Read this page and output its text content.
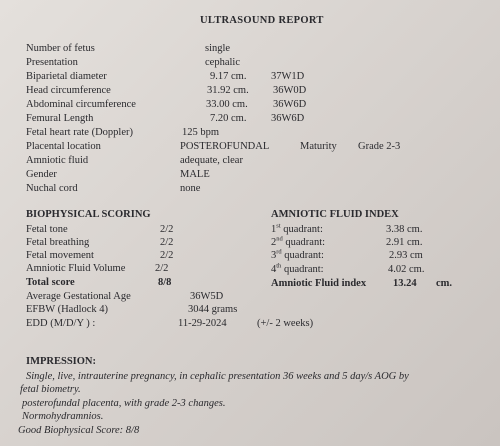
ULTRASOUND REPORT
Number of fetus	single
Presentation	cephalic
Biparietal diameter	9.17 cm. 37W1D
Head circumference	31.92 cm. 36W0D
Abdominal circumference	33.00 cm. 36W6D
Femural Length	7.20 cm. 36W6D
Fetal heart rate (Doppler)	125 bpm
Placental location	POSTEROFUNDAL	Maturity Grade 2-3
Amniotic fluid	adequate, clear
Gender	MALE
Nuchal cord	none
BIOPHYSICAL SCORING
Fetal tone	2/2
Fetal breathing	2/2
Fetal movement	2/2
Amniotic Fluid Volume	2/2
Total score	8/8
AMNIOTIC FLUID INDEX
1st quadrant:	3.38 cm.
2nd quadrant:	2.91 cm.
3rd quadrant:	2.93 cm
4th quadrant:	4.02 cm.
Amniotic Fluid index	13.24 cm.
Average Gestational Age	36W5D
EFBW (Hadlock 4)	3044 grams
EDD (M/D/Y ) :	11-29-2024	(+/- 2 weeks)
IMPRESSION:
Single, live, intrauterine pregnancy, in cephalic presentation 36 weeks and 5 day/s AOG by
fetal biometry.
posterofundal placenta, with grade 2-3 changes.
Normohydramnios.
Good Biophysical Score: 8/8
